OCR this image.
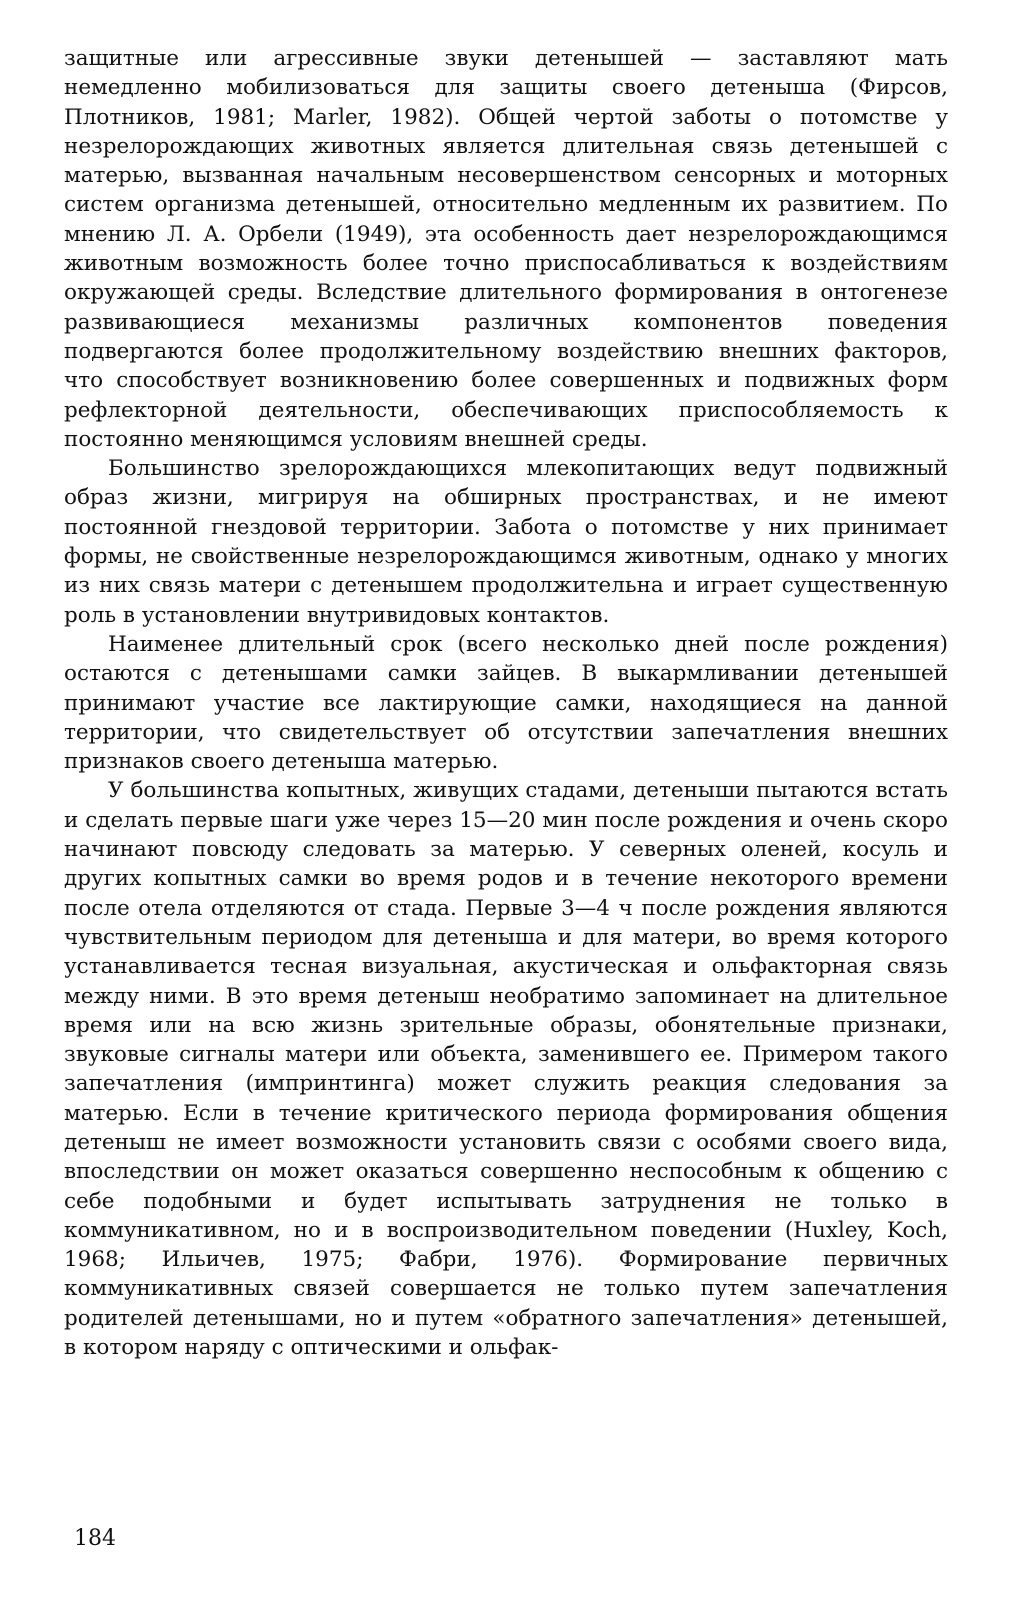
защитные или агрессивные звуки детенышей — заставляют мать немедленно мобилизоваться для защиты своего детеныша (Фирсов, Плотников, 1981; Marler, 1982). Общей чертой заботы о потомстве у незрелорождающих животных является длительная связь детенышей с матерью, вызванная начальным несовершенством сенсорных и моторных систем организма детенышей, относительно медленным их развитием. По мнению Л. А. Орбели (1949), эта особенность дает незрелорождающимся животным возможность более точно приспосабливаться к воздействиям окружающей среды. Вследствие длительного формирования в онтогенезе развивающиеся механизмы различных компонентов поведения подвергаются более продолжительному воздействию внешних факторов, что способствует возникновению более совершенных и подвижных форм рефлекторной деятельности, обеспечивающих приспособляемость к постоянно меняющимся условиям внешней среды.

Большинство зрелорождающихся млекопитающих ведут подвижный образ жизни, мигрируя на обширных пространствах, и не имеют постоянной гнездовой территории. Забота о потомстве у них принимает формы, не свойственные незрелорождающимся животным, однако у многих из них связь матери с детенышем продолжительна и играет существенную роль в установлении внутривидовых контактов.

Наименее длительный срок (всего несколько дней после рождения) остаются с детенышами самки зайцев. В выкармливании детенышей принимают участие все лактирующие самки, находящиеся на данной территории, что свидетельствует об отсутствии запечатления внешних признаков своего детеныша матерью.

У большинства копытных, живущих стадами, детеныши пытаются встать и сделать первые шаги уже через 15—20 мин после рождения и очень скоро начинают повсюду следовать за матерью. У северных оленей, косуль и других копытных самки во время родов и в течение некоторого времени после отела отделяются от стада. Первые 3—4 ч после рождения являются чувствительным периодом для детеныша и для матери, во время которого устанавливается тесная визуальная, акустическая и ольфакторная связь между ними. В это время детеныш необратимо запоминает на длительное время или на всю жизнь зрительные образы, обонятельные признаки, звуковые сигналы матери или объекта, заменившего ее. Примером такого запечатления (импринтинга) может служить реакция следования за матерью. Если в течение критического периода формирования общения детеныш не имеет возможности установить связи с особями своего вида, впоследствии он может оказаться совершенно неспособным к общению с себе подобными и будет испытывать затруднения не только в коммуникативном, но и в воспроизводительном поведении (Huxley, Koch, 1968; Ильичев, 1975; Фабри, 1976). Формирование первичных коммуникативных связей совершается не только путем запечатления родителей детенышами, но и путем «обратного запечатления» детенышей, в котором наряду с оптическими и ольфак-

184
